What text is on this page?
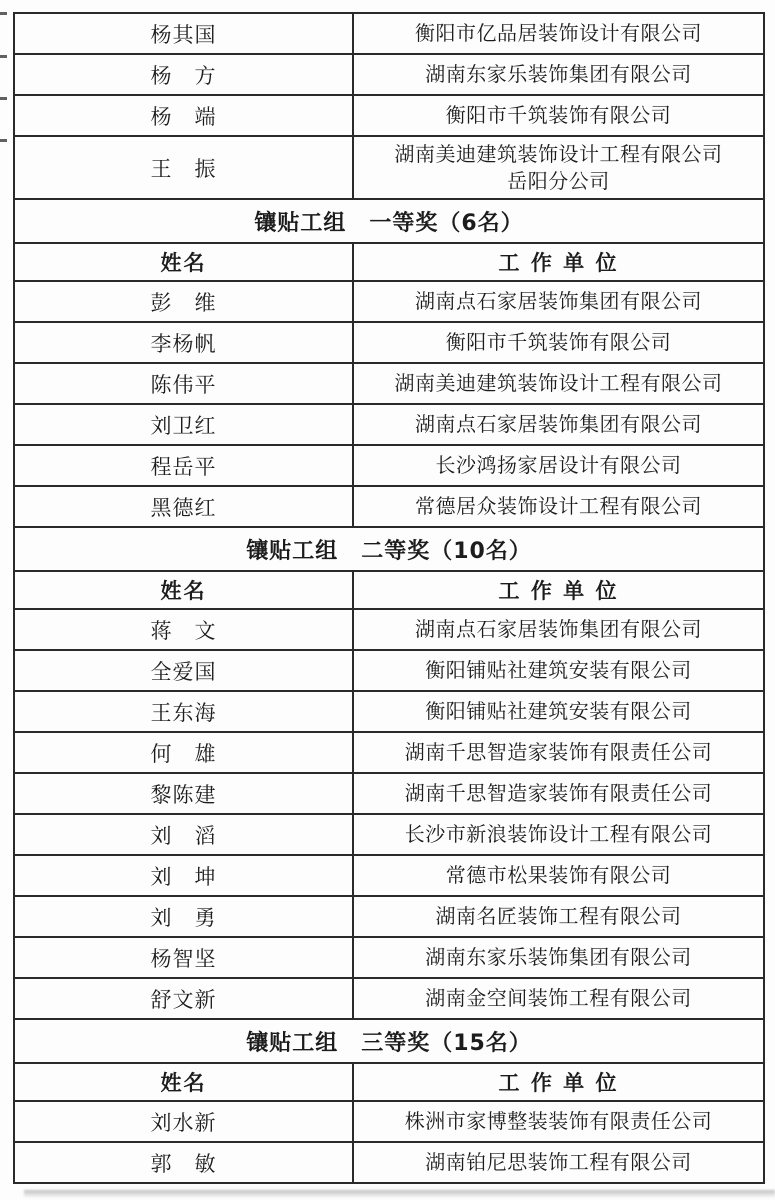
杨其国	衡阳市亿品居装饰设计有限公司

杨　方	湖南东家乐装饰集团有限公司

杨　端	衡阳市千筑装饰有限公司

王　振	湖南美迪建筑装饰设计工程有限公司
岳阳分公司

镶贴工组　一等奖（6名）	
姓名	工 作 单 位
彭　维	湖南点石家居装饰集团有限公司

李杨帆	衡阳市千筑装饰有限公司

陈伟平	湖南美迪建筑装饰设计工程有限公司

刘卫红	湖南点石家居装饰集团有限公司

程岳平	长沙鸿扬家居设计有限公司

黑德红	常德居众装饰设计工程有限公司

镶贴工组　二等奖（10名）	
姓名	工 作 单 位
蒋　文	湖南点石家居装饰集团有限公司

全爱国	衡阳铺贴社建筑安装有限公司

王东海	衡阳铺贴社建筑安装有限公司

何　雄	湖南千思智造家装饰有限责任公司

黎陈建	湖南千思智造家装饰有限责任公司

刘　滔	长沙市新浪装饰设计工程有限公司

刘　坤	常德市松果装饰有限公司

刘　勇	湖南名匠装饰工程有限公司

杨智坚	湖南东家乐装饰集团有限公司

舒文新	湖南金空间装饰工程有限公司

镶贴工组　三等奖（15名）	
姓名	工 作 单 位
刘水新	株洲市家博整装装饰有限责任公司

郭　敏	湖南铂尼思装饰工程有限公司
